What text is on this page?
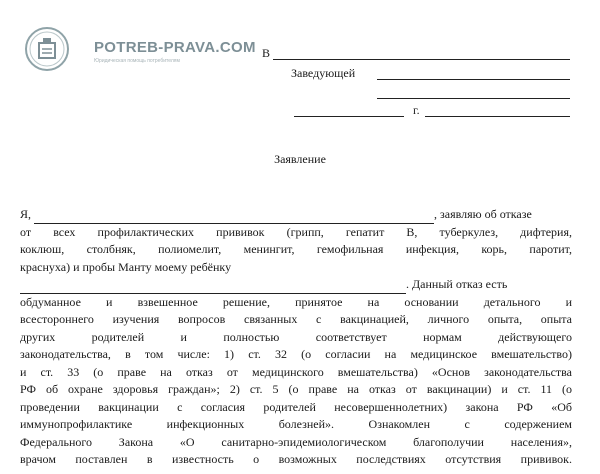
POTREB-PRAVA.COM
Юридическая помощь потребителям
В
Заведующей
г.
Заявление
Я,	, заявляю об отказе
от всех профилактических прививок (грипп, гепатит В, туберкулез, дифтерия,
коклюш, столбняк, полиомелит, менингит, гемофильная инфекция, корь, паротит,
краснуха) и пробы Манту моему ребёнку
. Данный отказ есть
обдуманное и взвешенное решение, принятое на основании детального и
всестороннего изучения вопросов связанных с вакцинацией, личного опыта, опыта
других родителей и полностью соответствует нормам действующего
законодательства, в том числе: 1) ст. 32 (о согласии на медицинское вмешательство)
и ст. 33 (о праве на отказ от медицинского вмешательства) «Основ законодательства
РФ об охране здоровья граждан»; 2) ст. 5 (о праве на отказ от вакцинации) и ст. 11 (о
проведении вакцинации с согласия родителей несовершеннолетних) закона РФ «Об
иммунопрофилактике инфекционных болезней». Ознакомлен с содержением
Федерального Закона «О санитарно-эпидемиологическом благополучии населения»,
врачом поставлен в известность о возможных последствиях отсутствия прививок.
